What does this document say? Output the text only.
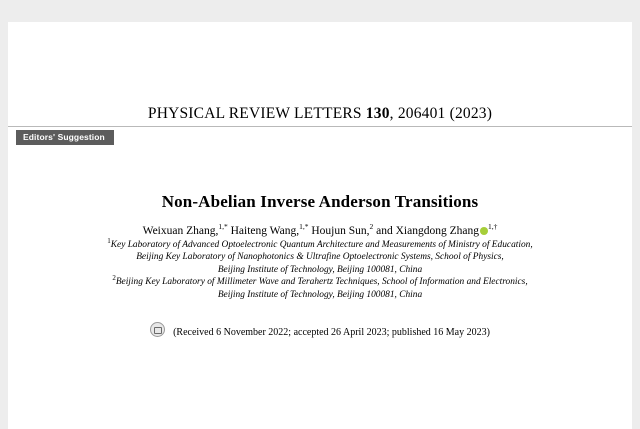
PHYSICAL REVIEW LETTERS 130, 206401 (2023)
Editors' Suggestion
Non-Abelian Inverse Anderson Transitions
Weixuan Zhang,$^{1,*}$ Haiteng Wang,$^{1,*}$ Houjun Sun,$^2$ and Xiangdong Zhang $^{1,\dagger}$
$^1$Key Laboratory of Advanced Optoelectronic Quantum Architecture and Measurements of Ministry of Education,
Beijing Key Laboratory of Nanophotonics & Ultrafine Optoelectronic Systems, School of Physics,
Beijing Institute of Technology, Beijing 100081, China
$^2$Beijing Key Laboratory of Millimeter Wave and Terahertz Techniques, School of Information and Electronics,
Beijing Institute of Technology, Beijing 100081, China
(Received 6 November 2022; accepted 26 April 2023; published 16 May 2023)
